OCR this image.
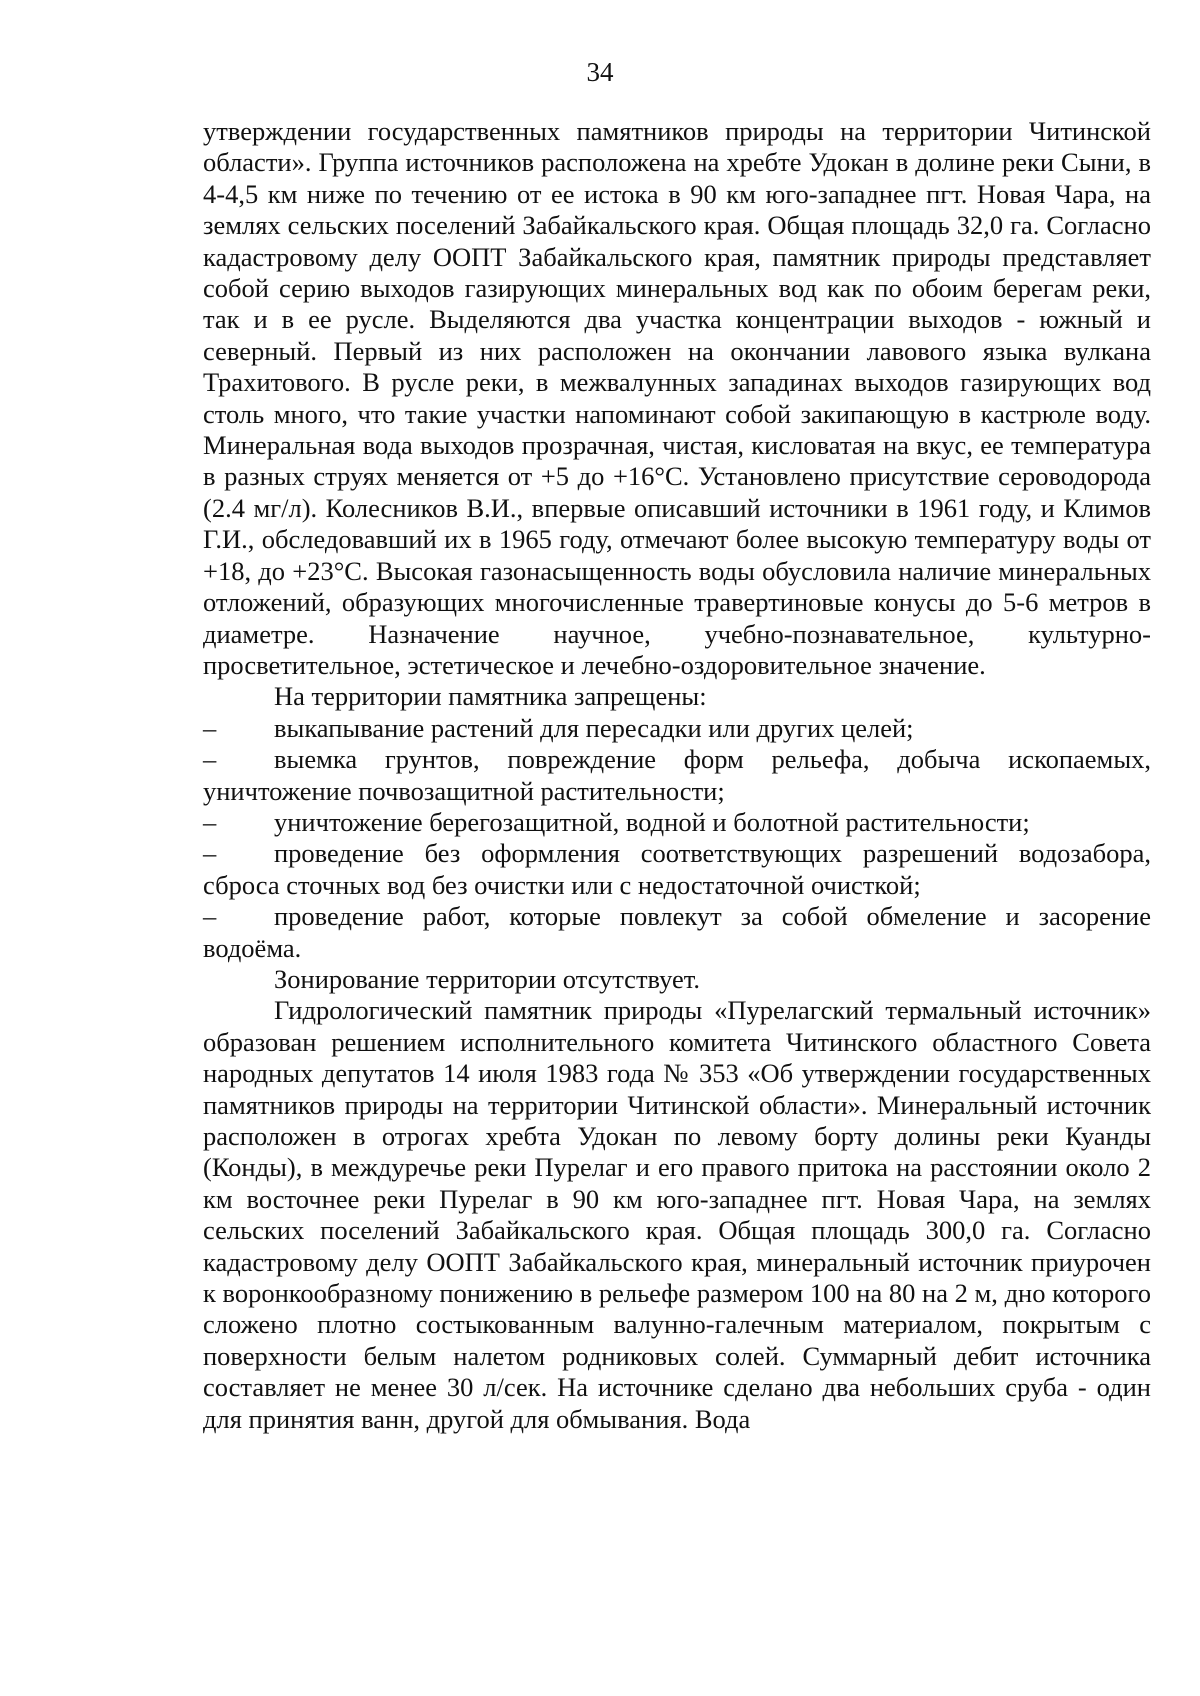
34

утверждении государственных памятников природы на территории Читинской области». Группа источников расположена на хребте Удокан в долине реки Сыни, в 4-4,5 км ниже по течению от ее истока в 90 км юго-западнее пгт. Новая Чара, на землях сельских поселений Забайкальского края. Общая площадь 32,0 га. Согласно кадастровому делу ООПТ Забайкальского края, памятник природы представляет собой серию выходов газирующих минеральных вод как по обоим берегам реки, так и в ее русле. Выделяются два участка концентрации выходов - южный и северный. Первый из них расположен на окончании лавового языка вулкана Трахитового. В русле реки, в межвалунных западинах выходов газирующих вод столь много, что такие участки напоминают собой закипающую в кастрюле воду. Минеральная вода выходов прозрачная, чистая, кисловатая на вкус, ее температура в разных струях меняется от +5 до +16°С. Установлено присутствие сероводорода (2.4 мг/л). Колесников В.И., впервые описавший источники в 1961 году, и Климов Г.И., обследовавший их в 1965 году, отмечают более высокую температуру воды от +18, до +23°С. Высокая газонасыщенность воды обусловила наличие минеральных отложений, образующих многочисленные травертиновые конусы до 5-6 метров в диаметре. Назначение научное, учебно-познавательное, культурно-просветительное, эстетическое и лечебно-оздоровительное значение.

На территории памятника запрещены:

– выкапывание растений для пересадки или других целей;

– выемка грунтов, повреждение форм рельефа, добыча ископаемых, уничтожение почвозащитной растительности;

– уничтожение берегозащитной, водной и болотной растительности;

– проведение без оформления соответствующих разрешений водозабора, сброса сточных вод без очистки или с недостаточной очисткой;

– проведение работ, которые повлекут за собой обмеление и засорение водоёма.

Зонирование территории отсутствует.

Гидрологический памятник природы «Пурелагский термальный источник» образован решением исполнительного комитета Читинского областного Совета народных депутатов 14 июля 1983 года № 353 «Об утверждении государственных памятников природы на территории Читинской области». Минеральный источник расположен в отрогах хребта Удокан по левому борту долины реки Куанды (Конды), в междуречье реки Пурелаг и его правого притока на расстоянии около 2 км восточнее реки Пурелаг в 90 км юго-западнее пгт. Новая Чара, на землях сельских поселений Забайкальского края. Общая площадь 300,0 га. Согласно кадастровому делу ООПТ Забайкальского края, минеральный источник приурочен к воронкообразному понижению в рельефе размером 100 на 80 на 2 м, дно которого сложено плотно состыкованным валунно-галечным материалом, покрытым с поверхности белым налетом родниковых солей. Суммарный дебит источника составляет не менее 30 л/сек. На источнике сделано два небольших сруба - один для принятия ванн, другой для обмывания. Вода
